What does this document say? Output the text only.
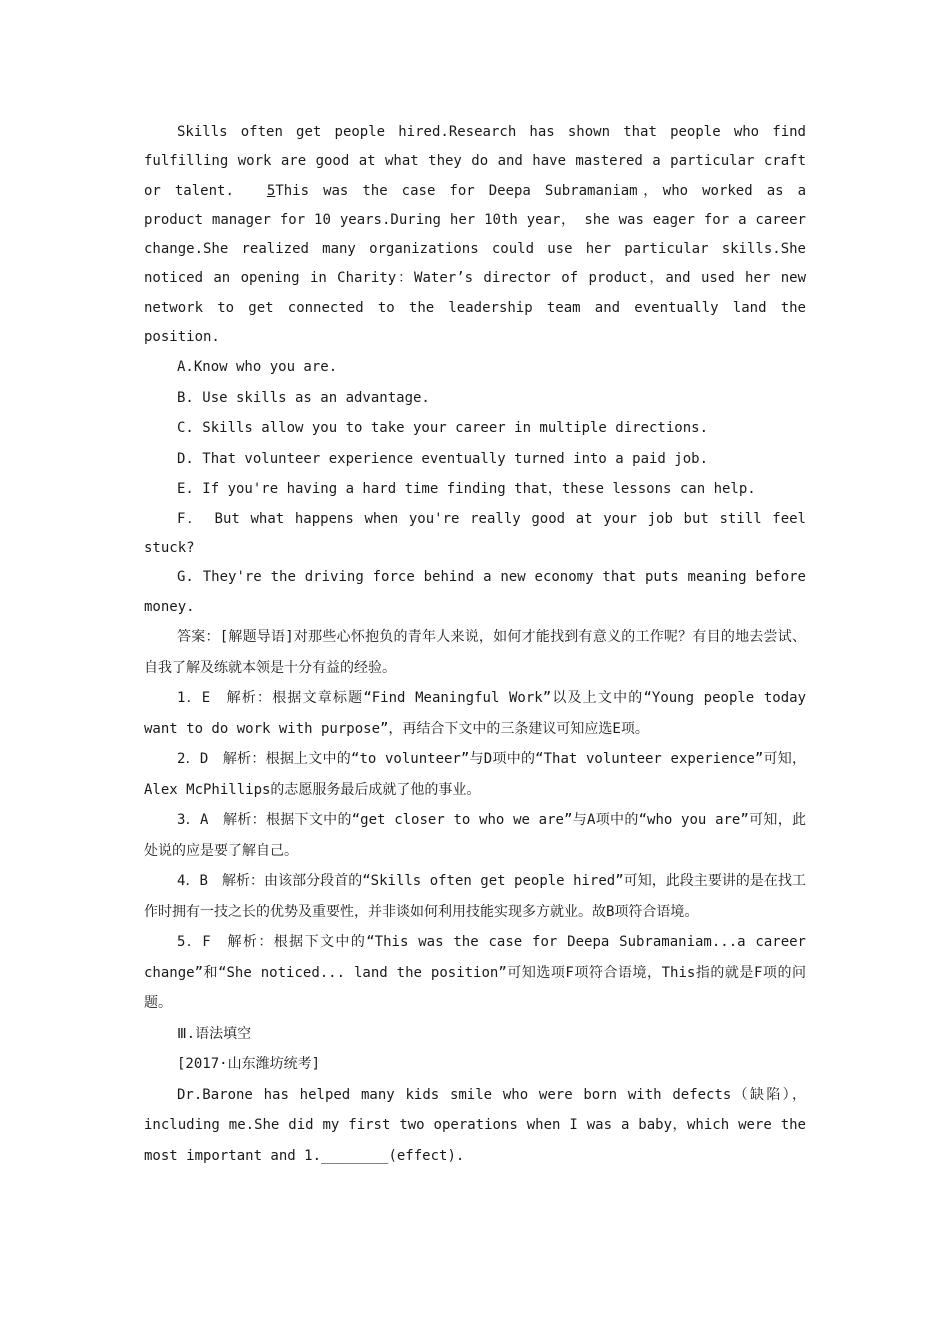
Skills often get people hired.Research has shown that people who find fulfilling work are good at what they do and have mastered a particular craft or talent. 5This was the case for Deepa Subramaniam，who worked as a product manager for 10 years.During her 10th year， she was eager for a career change.She realized many organizations could use her particular skills.She noticed an opening in Charity：Water’s director of product，and used her new network to get connected to the leadership team and eventually land the position.

A.Know who you are.

B. Use skills as an advantage.

C. Skills allow you to take your career in multiple directions.

D. That volunteer experience eventually turned into a paid job.

E. If you're having a hard time finding that，these lessons can help.

F． But what happens when you're really good at your job but still feel stuck?

G. They're the driving force behind a new economy that puts meaning before money.

答案：[解题导语]对那些心怀抱负的青年人来说，如何才能找到有意义的工作呢？有目的地去尝试、自我了解及练就本领是十分有益的经验。

1．E　解析：根据文章标题“Find Meaningful Work”以及上文中的“Young people today want to do work with purpose”，再结合下文中的三条建议可知应选E项。

2．D　解析：根据上文中的“to volunteer”与D项中的“That volunteer experience”可知，Alex McPhillips的志愿服务最后成就了他的事业。

3．A　解析：根据下文中的“get closer to who we are”与A项中的“who you are”可知，此处说的应是要了解自己。

4．B　解析：由该部分段首的“Skills often get people hired”可知，此段主要讲的是在找工作时拥有一技之长的优势及重要性，并非谈如何利用技能实现多方就业。故B项符合语境。

5．F　解析：根据下文中的“This was the case for Deepa Subramaniam...a career change”和“She noticed... land the position”可知选项F项符合语境，This指的就是F项的问题。

Ⅲ.语法填空

[2017·山东潍坊统考]

Dr.Barone has helped many kids smile who were born with defects（缺陷），including me.She did my first two operations when I was a baby，which were the most important and 1.________(effect).
